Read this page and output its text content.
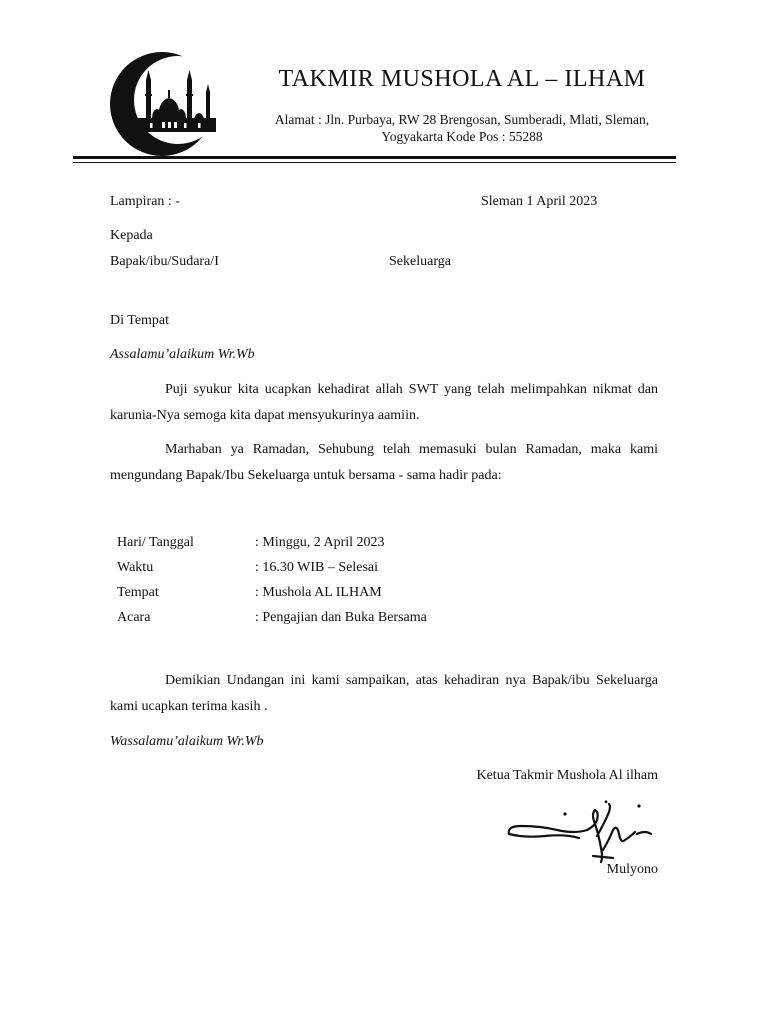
TAKMIR MUSHOLA AL – ILHAM
Alamat : Jln. Purbaya, RW 28 Brengosan, Sumberadi, Mlati, Sleman,
Yogyakarta Kode Pos : 55288
Lampiran : -	Sleman 1 April 2023
Kepada
Bapak/ibu/Sudara/I	Sekeluarga
Di Tempat
Assalamu’alaikum Wr.Wb
Puji syukur kita ucapkan kehadirat allah SWT yang telah melimpahkan nikmat dan karunia-Nya semoga kita dapat mensyukurinya aamiin.
Marhaban ya Ramadan, Sehubung telah memasuki bulan Ramadan, maka kami mengundang Bapak/Ibu Sekeluarga untuk bersama - sama hadir pada:
Hari/ Tanggal	: Minggu, 2 April 2023
Waktu	: 16.30 WIB – Selesai
Tempat	: Mushola AL ILHAM
Acara	: Pengajian dan Buka Bersama
Demikian Undangan ini kami sampaikan, atas kehadiran nya Bapak/ibu Sekeluarga kami ucapkan terima kasih .
Wassalamu’alaikum Wr.Wb
Ketua Takmir Mushola Al ilham
Mulyono
